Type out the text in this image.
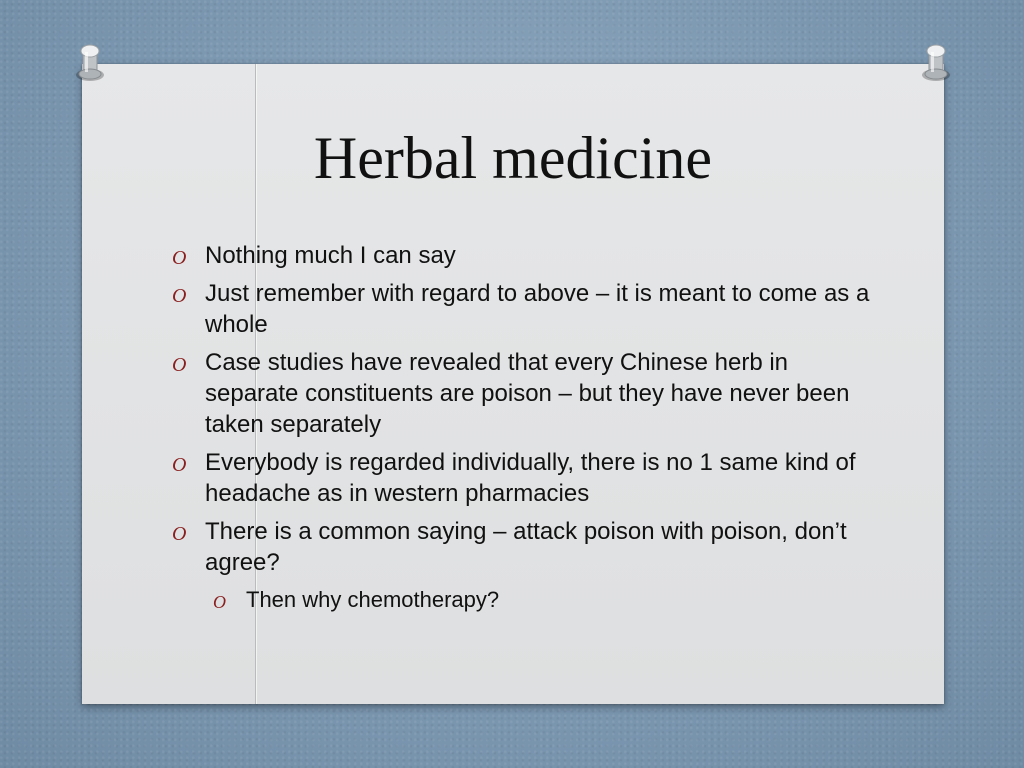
Herbal medicine
O Nothing much I can say
O Just remember with regard to above – it is meant to come as a whole
O Case studies have revealed that every Chinese herb in separate constituents are poison – but they have never been taken separately
O Everybody is regarded individually, there is no 1 same kind of headache as in western pharmacies
O There is a common saying – attack poison with poison, don’t agree?
O Then why chemotherapy?
